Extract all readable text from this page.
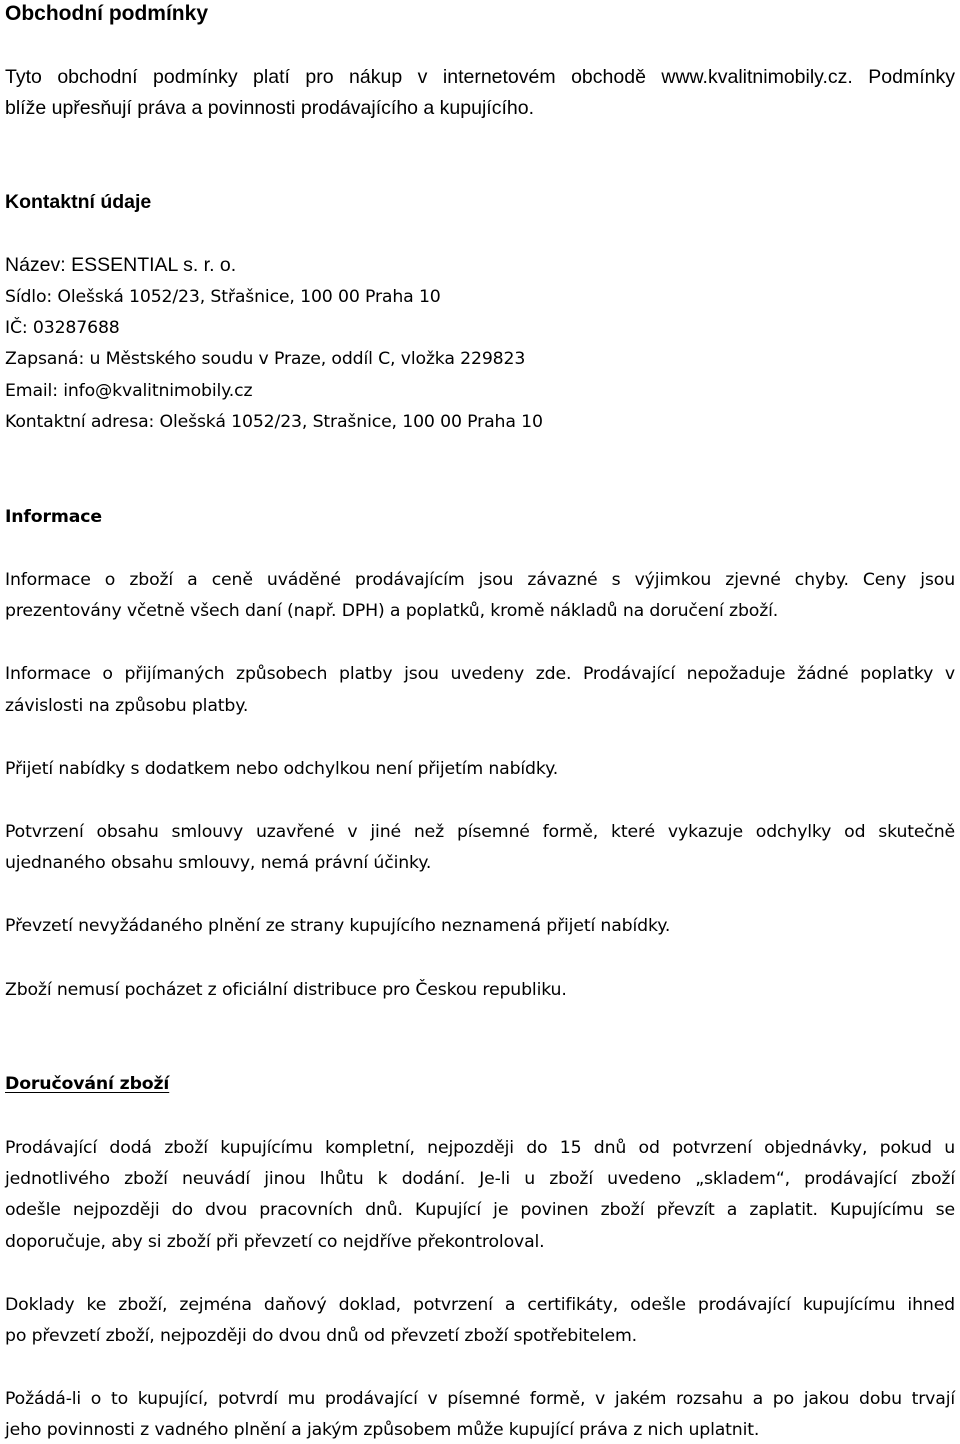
Obchodní podmínky

Tyto obchodní podmínky platí pro nákup v internetovém obchodě www.kvalitnimobily.cz. Podmínky

blíže upřesňují práva a povinnosti prodávajícího a kupujícího.

Kontaktní údaje

Název: ESSENTIAL s. r. o.

Sídlo: Olešská 1052/23, Střašnice, 100 00 Praha 10

IČ: 03287688

Zapsaná: u Městského soudu v Praze, oddíl C, vložka 229823

Email: info@kvalitnimobily.cz

Kontaktní adresa: Olešská 1052/23, Strašnice, 100 00 Praha 10

Informace

Informace o zboží a ceně uváděné prodávajícím jsou závazné s výjimkou zjevné chyby. Ceny jsou

prezentovány včetně všech daní (např. DPH) a poplatků, kromě nákladů na doručení zboží.

Informace o přijímaných způsobech platby jsou uvedeny zde. Prodávající nepožaduje žádné poplatky v

závislosti na způsobu platby.

Přijetí nabídky s dodatkem nebo odchylkou není přijetím nabídky.

Potvrzení obsahu smlouvy uzavřené v jiné než písemné formě, které vykazuje odchylky od skutečně

ujednaného obsahu smlouvy, nemá právní účinky.

Převzetí nevyžádaného plnění ze strany kupujícího neznamená přijetí nabídky.

Zboží nemusí pocházet z oficiální distribuce pro Českou republiku.

Doručování zboží

Prodávající dodá zboží kupujícímu kompletní, nejpozději do 15 dnů od potvrzení objednávky, pokud u

jednotlivého zboží neuvádí jinou lhůtu k dodání. Je-li u zboží uvedeno „skladem“, prodávající zboží

odešle nejpozději do dvou pracovních dnů. Kupující je povinen zboží převzít a zaplatit. Kupujícímu se

doporučuje, aby si zboží při převzetí co nejdříve překontroloval.

Doklady ke zboží, zejména daňový doklad, potvrzení a certifikáty, odešle prodávající kupujícímu ihned

po převzetí zboží, nejpozději do dvou dnů od převzetí zboží spotřebitelem.

Požádá-li o to kupující, potvrdí mu prodávající v písemné formě, v jakém rozsahu a po jakou dobu trvají

jeho povinnosti z vadného plnění a jakým způsobem může kupující práva z nich uplatnit.
